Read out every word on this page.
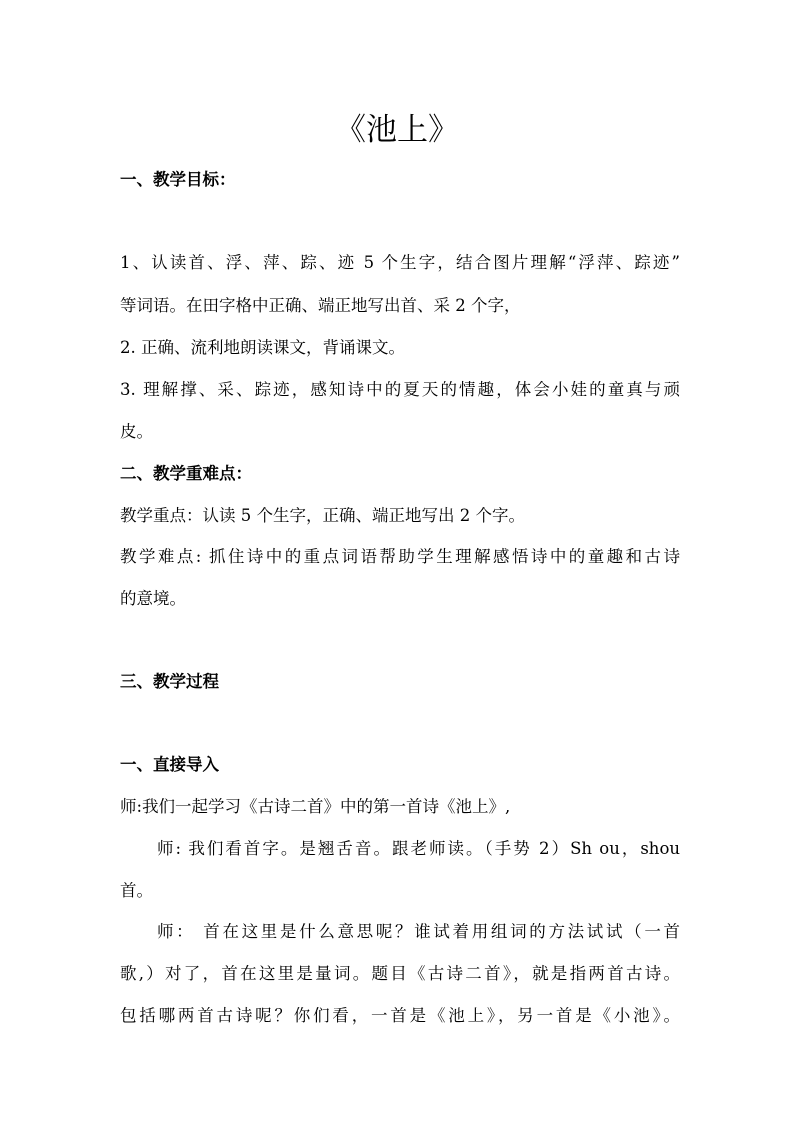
《池上》

一、教学目标：

1、认读首、浮、萍、踪、迹 5 个生字，结合图片理解“浮萍、踪迹”

等词语。在田字格中正确、端正地写出首、采 2 个字，

2. 正确、流利地朗读课文，背诵课文。

3. 理解撑、采、踪迹，感知诗中的夏天的情趣，体会小娃的童真与顽

皮。

二、教学重难点：

教学重点：认读 5 个生字，正确、端正地写出 2 个字。

教学难点: 抓住诗中的重点词语帮助学生理解感悟诗中的童趣和古诗

的意境。

三、教学过程

一、直接导入

师:我们一起学习《古诗二首》中的第一首诗《池上》,

师: 我们看首字。是翘舌音。跟老师读。（手势 2）Sh ou，shou

首。

师： 首在这里是什么意思呢？谁试着用组词的方法试试（一首

歌,）对了，首在这里是量词。题目《古诗二首》，就是指两首古诗。

包括哪两首古诗呢？你们看，一首是《池上》，另一首是《小池》。
